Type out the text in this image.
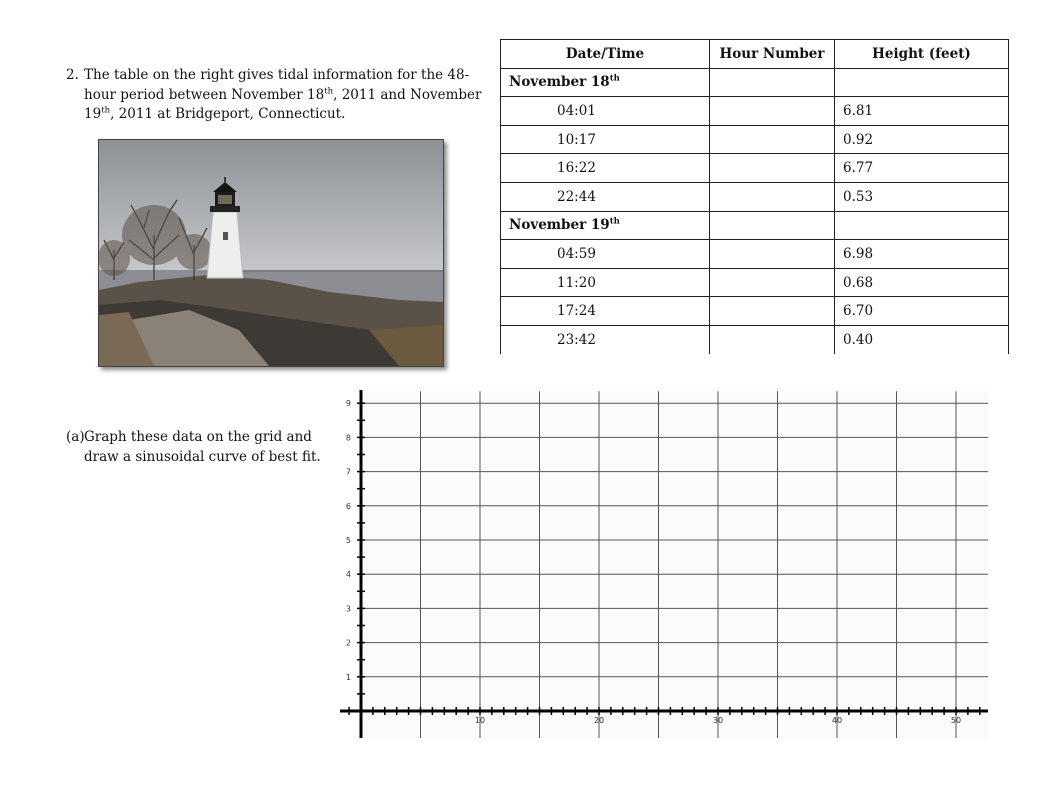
2. The table on the right gives tidal information for the 48-hour period between November 18th, 2011 and November 19th, 2011 at Bridgeport, Connecticut.
Date/Time	Hour Number	Height (feet)
November 18th		
04:01		6.81
10:17		0.92
16:22		6.77
22:44		0.53
November 19th		
04:59		6.98
11:20		0.68
17:24		6.70
23:42		0.40
(a) Graph these data on the grid and draw a sinusoidal curve of best fit.
10	20	30	40	50
1
2
3
4
5
6
7
8
9
